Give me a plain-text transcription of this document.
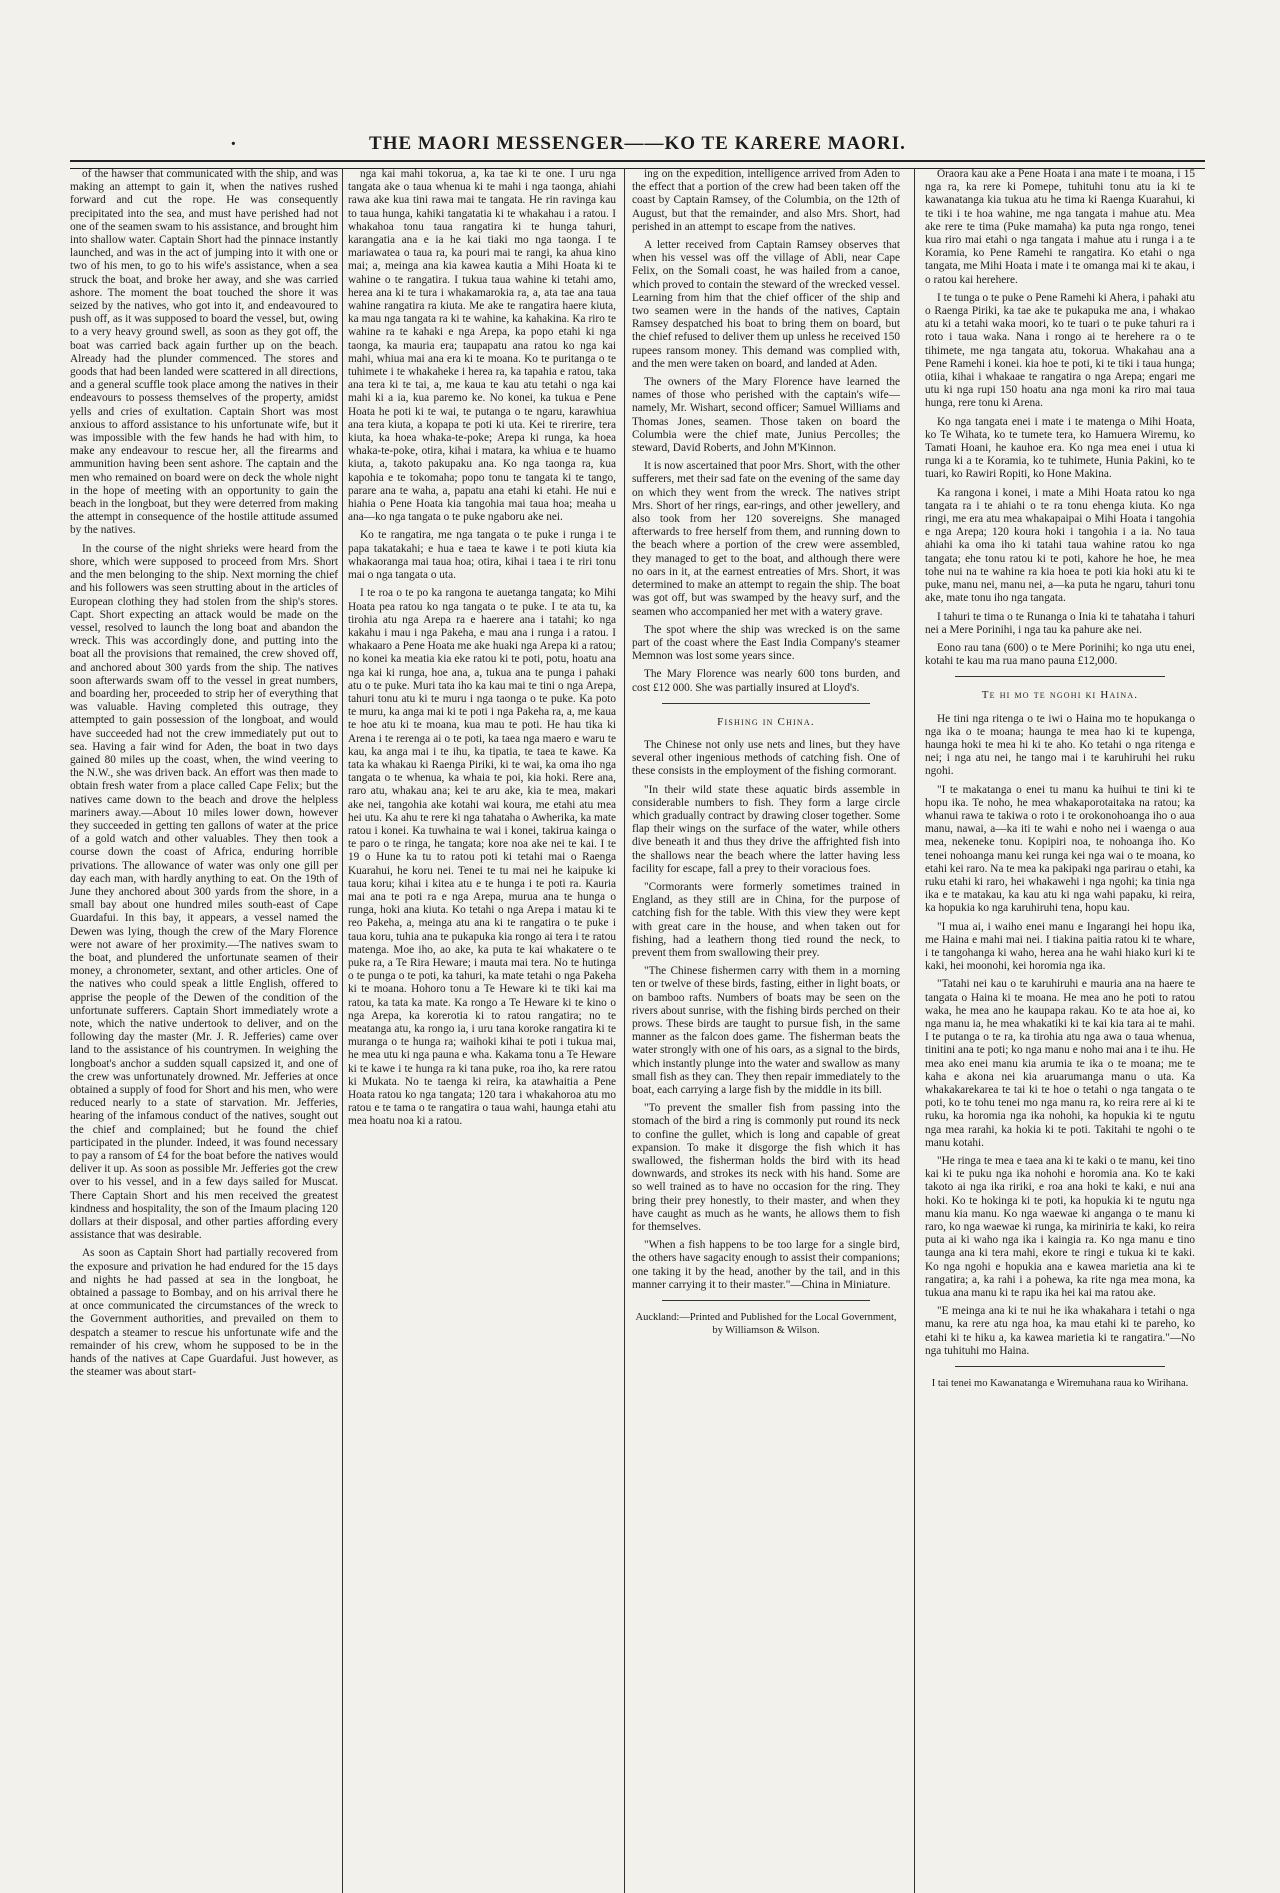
·	THE MAORI MESSENGER——KO TE KARERE MAORI.

of the hawser that communicated with the ship, and was making an attempt to gain it, when the natives rushed forward and cut the rope. He was consequently precipitated into the sea, and must have perished had not one of the seamen swam to his assistance, and brought him into shallow water. Captain Short had the pinnace instantly launched, and was in the act of jumping into it with one or two of his men, to go to his wife's assistance, when a sea struck the boat, and broke her away, and she was carried ashore. The moment the boat touched the shore it was seized by the natives, who got into it, and endeavoured to push off, as it was supposed to board the vessel, but, owing to a very heavy ground swell, as soon as they got off, the boat was carried back again further up on the beach. Already had the plunder commenced. The stores and goods that had been landed were scattered in all directions, and a general scuffle took place among the natives in their endeavours to possess themselves of the property, amidst yells and cries of exultation. Captain Short was most anxious to afford assistance to his unfortunate wife, but it was impossible with the few hands he had with him, to make any endeavour to rescue her, all the firearms and ammunition having been sent ashore. The captain and the men who remained on board were on deck the whole night in the hope of meeting with an opportunity to gain the beach in the longboat, but they were deterred from making the attempt in consequence of the hostile attitude assumed by the natives.

In the course of the night shrieks were heard from the shore, which were supposed to proceed from Mrs. Short and the men belonging to the ship. Next morning the chief and his followers was seen strutting about in the articles of European clothing they had stolen from the ship's stores. Capt. Short expecting an attack would be made on the vessel, resolved to launch the long boat and abandon the wreck. This was accordingly done, and putting into the boat all the provisions that remained, the crew shoved off, and anchored about 300 yards from the ship. The natives soon afterwards swam off to the vessel in great numbers, and boarding her, proceeded to strip her of everything that was valuable. Having completed this outrage, they attempted to gain possession of the longboat, and would have succeeded had not the crew immediately put out to sea. Having a fair wind for Aden, the boat in two days gained 80 miles up the coast, when, the wind veering to the N.W., she was driven back. An effort was then made to obtain fresh water from a place called Cape Felix; but the natives came down to the beach and drove the helpless mariners away.—About 10 miles lower down, however they succeeded in getting ten gallons of water at the price of a gold watch and other valuables. They then took a course down the coast of Africa, enduring horrible privations. The allowance of water was only one gill per day each man, with hardly anything to eat. On the 19th of June they anchored about 300 yards from the shore, in a small bay about one hundred miles south-east of Cape Guardafui. In this bay, it appears, a vessel named the Dewen was lying, though the crew of the Mary Florence were not aware of her proximity.—The natives swam to the boat, and plundered the unfortunate seamen of their money, a chronometer, sextant, and other articles. One of the natives who could speak a little English, offered to apprise the people of the Dewen of the condition of the unfortunate sufferers. Captain Short immediately wrote a note, which the native undertook to deliver, and on the following day the master (Mr. J. R. Jefferies) came over land to the assistance of his countrymen. In weighing the longboat's anchor a sudden squall capsized it, and one of the crew was unfortunately drowned. Mr. Jefferies at once obtained a supply of food for Short and his men, who were reduced nearly to a state of starvation. Mr. Jefferies, hearing of the infamous conduct of the natives, sought out the chief and complained; but he found the chief participated in the plunder. Indeed, it was found necessary to pay a ransom of £4 for the boat before the natives would deliver it up. As soon as possible Mr. Jefferies got the crew over to his vessel, and in a few days sailed for Muscat. There Captain Short and his men received the greatest kindness and hospitality, the son of the Imaum placing 120 dollars at their disposal, and other parties affording every assistance that was desirable.

As soon as Captain Short had partially recovered from the exposure and privation he had endured for the 15 days and nights he had passed at sea in the longboat, he obtained a passage to Bombay, and on his arrival there he at once communicated the circumstances of the wreck to the Government authorities, and prevailed on them to despatch a steamer to rescue his unfortunate wife and the remainder of his crew, whom he supposed to be in the hands of the natives at Cape Guardafui. Just however, as the steamer was about start-

nga kai mahi tokorua, a, ka tae ki te one. I uru nga tangata ake o taua whenua ki te mahi i nga taonga, ahiahi rawa ake kua tini rawa mai te tangata. He rin ravinga kau to taua hunga, kahiki tangatatia ki te whakahau i a ratou. I whakahoa tonu taua rangatira ki te hunga tahuri, karangatia ana e ia he kai tiaki mo nga taonga. I te mariawatea o taua ra, ka pouri mai te rangi, ka ahua kino mai; a, meinga ana kia kawea kautia a Mihi Hoata ki te wahine o te rangatira. I tukua taua wahine ki tetahi amo, herea ana ki te tura i whakamarokia ra, a, ata tae ana taua wahine rangatira ra kiuta. Me ake te rangatira haere kiuta, ka mau nga tangata ra ki te wahine, ka kahakina. Ka riro te wahine ra te kahaki e nga Arepa, ka popo etahi ki nga taonga, ka mauria era; taupapatu ana ratou ko nga kai mahi, whiua mai ana era ki te moana. Ko te puritanga o te tuhimete i te whakaheke i herea ra, ka tapahia e ratou, taka ana tera ki te tai, a, me kaua te kau atu tetahi o nga kai mahi ki a ia, kua paremo ke. No konei, ka tukua e Pene Hoata he poti ki te wai, te putanga o te ngaru, karawhiua ana tera kiuta, a kopapa te poti ki uta. Kei te rirerire, tera kiuta, ka hoea whaka-te-poke; Arepa ki runga, ka hoea whaka-te-poke, otira, kihai i matara, ka whiua e te huamo kiuta, a, takoto pakupaku ana. Ko nga taonga ra, kua kapohia e te tokomaha; popo tonu te tangata ki te tango, parare ana te waha, a, papatu ana etahi ki etahi. He nui e hiahia o Pene Hoata kia tangohia mai taua hoa; meaha u ana—ko nga tangata o te puke ngaboru ake nei.

Ko te rangatira, me nga tangata o te puke i runga i te papa takatakahi; e hua e taea te kawe i te poti kiuta kia whakaoranga mai taua hoa; otira, kihai i taea i te riri tonu mai o nga tangata o uta.

I te roa o te po ka rangona te auetanga tangata; ko Mihi Hoata pea ratou ko nga tangata o te puke. I te ata tu, ka tirohia atu nga Arepa ra e haerere ana i tatahi; ko nga kakahu i mau i nga Pakeha, e mau ana i runga i a ratou. I whakaaro a Pene Hoata me ake huaki nga Arepa ki a ratou; no konei ka meatia kia eke ratou ki te poti, potu, hoatu ana nga kai ki runga, hoe ana, a, tukua ana te punga i pahaki atu o te puke. Muri tata iho ka kau mai te tini o nga Arepa, tahuri tonu atu ki te muru i nga taonga o te puke. Ka poto te muru, ka anga mai ki te poti i nga Pakeha ra, a, me kaua te hoe atu ki te moana, kua mau te poti. He hau tika ki Arena i te rerenga ai o te poti, ka taea nga maero e waru te kau, ka anga mai i te ihu, ka tipatia, te taea te kawe. Ka tata ka whakau ki Raenga Piriki, ki te wai, ka oma iho nga tangata o te whenua, ka whaia te poi, kia hoki. Rere ana, raro atu, whakau ana; kei te aru ake, kia te mea, makari ake nei, tangohia ake kotahi wai koura, me etahi atu mea hei utu. Ka ahu te rere ki nga tahataha o Awherika, ka mate ratou i konei. Ka tuwhaina te wai i konei, takirua kainga o te paro o te ringa, he tangata; kore noa ake nei te kai. I te 19 o Hune ka tu to ratou poti ki tetahi mai o Raenga Kuarahui, he koru nei. Tenei te tu mai nei he kaipuke ki taua koru; kihai i kitea atu e te hunga i te poti ra. Kauria mai ana te poti ra e nga Arepa, murua ana te hunga o runga, hoki ana kiuta. Ko tetahi o nga Arepa i matau ki te reo Pakeha, a, meinga atu ana ki te rangatira o te puke i taua koru, tuhia ana te pukapuka kia rongo ai tera i te ratou matenga. Moe iho, ao ake, ka puta te kai whakatere o te puke ra, a Te Rira Heware; i mauta mai tera. No te hutinga o te punga o te poti, ka tahuri, ka mate tetahi o nga Pakeha ki te moana. Hohoro tonu a Te Heware ki te tiki kai ma ratou, ka tata ka mate. Ka rongo a Te Heware ki te kino o nga Arepa, ka korerotia ki to ratou rangatira; no te meatanga atu, ka rongo ia, i uru tana koroke rangatira ki te muranga o te hunga ra; waihoki kihai te poti i tukua mai, he mea utu ki nga pauna e wha. Kakama tonu a Te Heware ki te kawe i te hunga ra ki tana puke, roa iho, ka rere ratou ki Mukata. No te taenga ki reira, ka atawhaitia a Pene Hoata ratou ko nga tangata; 120 tara i whakahoroa atu mo ratou e te tama o te rangatira o taua wahi, haunga etahi atu mea hoatu noa ki a ratou.

ing on the expedition, intelligence arrived from Aden to the effect that a portion of the crew had been taken off the coast by Captain Ramsey, of the Columbia, on the 12th of August, but that the remainder, and also Mrs. Short, had perished in an attempt to escape from the natives.

A letter received from Captain Ramsey observes that when his vessel was off the village of Abli, near Cape Felix, on the Somali coast, he was hailed from a canoe, which proved to contain the steward of the wrecked vessel. Learning from him that the chief officer of the ship and two seamen were in the hands of the natives, Captain Ramsey despatched his boat to bring them on board, but the chief refused to deliver them up unless he received 150 rupees ransom money. This demand was complied with, and the men were taken on board, and landed at Aden.

The owners of the Mary Florence have learned the names of those who perished with the captain's wife—namely, Mr. Wishart, second officer; Samuel Williams and Thomas Jones, seamen. Those taken on board the Columbia were the chief mate, Junius Percolles; the steward, David Roberts, and John M'Kinnon.

It is now ascertained that poor Mrs. Short, with the other sufferers, met their sad fate on the evening of the same day on which they went from the wreck. The natives stript Mrs. Short of her rings, ear-rings, and other jewellery, and also took from her 120 sovereigns. She managed afterwards to free herself from them, and running down to the beach where a portion of the crew were assembled, they managed to get to the boat, and although there were no oars in it, at the earnest entreaties of Mrs. Short, it was determined to make an attempt to regain the ship. The boat was got off, but was swamped by the heavy surf, and the seamen who accompanied her met with a watery grave.

The spot where the ship was wrecked is on the same part of the coast where the East India Company's steamer Memnon was lost some years since.

The Mary Florence was nearly 600 tons burden, and cost £12 000. She was partially insured at Lloyd's.

Fishing in China.

The Chinese not only use nets and lines, but they have several other ingenious methods of catching fish. One of these consists in the employment of the fishing cormorant.

"In their wild state these aquatic birds assemble in considerable numbers to fish. They form a large circle which gradually contract by drawing closer together. Some flap their wings on the surface of the water, while others dive beneath it and thus they drive the affrighted fish into the shallows near the beach where the latter having less facility for escape, fall a prey to their voracious foes.

"Cormorants were formerly sometimes trained in England, as they still are in China, for the purpose of catching fish for the table. With this view they were kept with great care in the house, and when taken out for fishing, had a leathern thong tied round the neck, to prevent them from swallowing their prey.

"The Chinese fishermen carry with them in a morning ten or twelve of these birds, fasting, either in light boats, or on bamboo rafts. Numbers of boats may be seen on the rivers about sunrise, with the fishing birds perched on their prows. These birds are taught to pursue fish, in the same manner as the falcon does game. The fisherman beats the water strongly with one of his oars, as a signal to the birds, which instantly plunge into the water and swallow as many small fish as they can. They then repair immediately to the boat, each carrying a large fish by the middle in its bill.

"To prevent the smaller fish from passing into the stomach of the bird a ring is commonly put round its neck to confine the gullet, which is long and capable of great expansion. To make it disgorge the fish which it has swallowed, the fisherman holds the bird with its head downwards, and strokes its neck with his hand. Some are so well trained as to have no occasion for the ring. They bring their prey honestly, to their master, and when they have caught as much as he wants, he allows them to fish for themselves.

"When a fish happens to be too large for a single bird, the others have sagacity enough to assist their companions; one taking it by the head, another by the tail, and in this manner carrying it to their master."—China in Miniature.

Auckland:—Printed and Published for the Local Government, by Williamson & Wilson.

Oraora kau ake a Pene Hoata i ana mate i te moana, i 15 nga ra, ka rere ki Pomepe, tuhituhi tonu atu ia ki te kawanatanga kia tukua atu he tima ki Raenga Kuarahui, ki te tiki i te hoa wahine, me nga tangata i mahue atu. Mea ake rere te tima (Puke mamaha) ka puta nga rongo, tenei kua riro mai etahi o nga tangata i mahue atu i runga i a te Koramia, ko Pene Ramehi te rangatira. Ko etahi o nga tangata, me Mihi Hoata i mate i te omanga mai ki te akau, i o ratou kai herehere.

I te tunga o te puke o Pene Ramehi ki Ahera, i pahaki atu o Raenga Piriki, ka tae ake te pukapuka me ana, i whakao atu ki a tetahi waka moori, ko te tuari o te puke tahuri ra i roto i taua waka. Nana i rongo ai te herehere ra o te tihimete, me nga tangata atu, tokorua. Whakahau ana a Pene Ramehi i konei. kia hoe te poti, ki te tiki i taua hunga; otiia, kihai i whakaae te rangatira o nga Arepa; engari me utu ki nga rupi 150 hoatu ana nga moni ka riro mai taua hunga, rere tonu ki Arena.

Ko nga tangata enei i mate i te matenga o Mihi Hoata, ko Te Wihata, ko te tumete tera, ko Hamuera Wiremu, ko Tamati Hoani, he kauhoe era. Ko nga mea enei i utua ki runga ki a te Koramia, ko te tuhimete, Hunia Pakini, ko te tuari, ko Rawiri Ropiti, ko Hone Makina.

Ka rangona i konei, i mate a Mihi Hoata ratou ko nga tangata ra i te ahiahi o te ra tonu ehenga kiuta. Ko nga ringi, me era atu mea whakapaipai o Mihi Hoata i tangohia e nga Arepa; 120 koura hoki i tangohia i a ia. No taua ahiahi ka oma iho ki tatahi taua wahine ratou ko nga tangata; ehe tonu ratou ki te poti, kahore he hoe, he mea tohe nui na te wahine ra kia hoea te poti kia hoki atu ki te puke, manu nei, manu nei, a—ka puta he ngaru, tahuri tonu ake, mate tonu iho nga tangata.

I tahuri te tima o te Runanga o Inia ki te tahataha i tahuri nei a Mere Porinihi, i nga tau ka pahure ake nei.

Eono rau tana (600) o te Mere Porinihi; ko nga utu enei, kotahi te kau ma rua mano pauna £12,000.

Te hi mo te ngohi ki Haina.

He tini nga ritenga o te iwi o Haina mo te hopukanga o nga ika o te moana; haunga te mea hao ki te kupenga, haunga hoki te mea hi ki te aho. Ko tetahi o nga ritenga e nei; i nga atu nei, he tango mai i te karuhiruhi hei ruku ngohi.

"I te makatanga o enei tu manu ka huihui te tini ki te hopu ika. Te noho, he mea whakaporotaitaka na ratou; ka whanui rawa te takiwa o roto i te orokonohoanga iho o aua manu, nawai, a—ka iti te wahi e noho nei i waenga o aua mea, nekeneke tonu. Kopipiri noa, te nohoanga iho. Ko tenei nohoanga manu kei runga kei nga wai o te moana, ko etahi kei raro. Na te mea ka pakipaki nga parirau o etahi, ka ruku etahi ki raro, hei whakawehi i nga ngohi; ka tinia nga ika e te matakau, ka kau atu ki nga wahi papaku, ki reira, ka hopukia ko nga karuhiruhi tena, hopu kau.

"I mua ai, i waiho enei manu e Ingarangi hei hopu ika, me Haina e mahi mai nei. I tiakina paitia ratou ki te whare, i te tangohanga ki waho, herea ana he wahi hiako kuri ki te kaki, hei moonohi, kei horomia nga ika.

"Tatahi nei kau o te karuhiruhi e mauria ana na haere te tangata o Haina ki te moana. He mea ano he poti to ratou waka, he mea ano he kaupapa rakau. Ko te ata hoe ai, ko nga manu ia, he mea whakatiki ki te kai kia tara ai te mahi. I te putanga o te ra, ka tirohia atu nga awa o taua whenua, tinitini ana te poti; ko nga manu e noho mai ana i te ihu. He mea ako enei manu kia arumia te ika o te moana; me te kaha e akona nei kia aruarumanga manu o uta. Ka whakakarekarea te tai ki te hoe o tetahi o nga tangata o te poti, ko te tohu tenei mo nga manu ra, ko reira rere ai ki te ruku, ka horomia nga ika nohohi, ka hopukia ki te ngutu nga mea rarahi, ka hokia ki te poti. Takitahi te ngohi o te manu kotahi.

"He ringa te mea e taea ana ki te kaki o te manu, kei tino kai ki te puku nga ika nohohi e horomia ana. Ko te kaki takoto ai nga ika ririki, e roa ana hoki te kaki, e nui ana hoki. Ko te hokinga ki te poti, ka hopukia ki te ngutu nga manu kia manu. Ko nga waewae ki anganga o te manu ki raro, ko nga waewae ki runga, ka miriniria te kaki, ko reira puta ai ki waho nga ika i kaingia ra. Ko nga manu e tino taunga ana ki tera mahi, ekore te ringi e tukua ki te kaki. Ko nga ngohi e hopukia ana e kawea marietia ana ki te rangatira; a, ka rahi i a pohewa, ka rite nga mea mona, ka tukua ana manu ki te rapu ika hei kai ma ratou ake.

"E meinga ana ki te nui he ika whakahara i tetahi o nga manu, ka rere atu nga hoa, ka mau etahi ki te pareho, ko etahi ki te hiku a, ka kawea marietia ki te rangatira."—No nga tuhituhi mo Haina.

I tai tenei mo Kawanatanga e Wiremuhana raua ko Wirihana.
